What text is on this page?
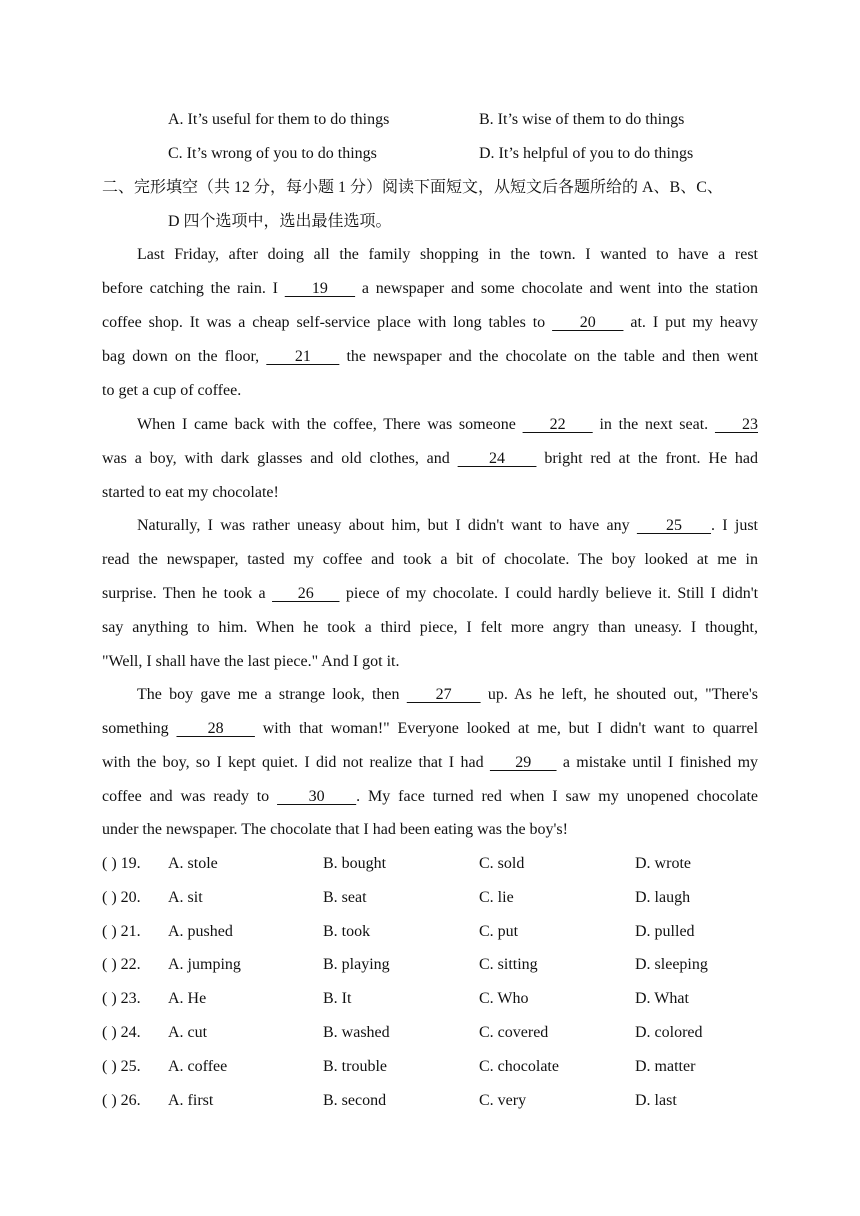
A. It’s useful for them to do things	B. It’s wise of them to do things
C. It’s wrong of you to do things	D. It’s helpful of you to do things
二、完形填空（共 12 分，每小题 1 分）阅读下面短文，从短文后各题所给的 A、B、C、
D 四个选项中，选出最佳选项。
Last Friday, after doing all the family shopping in the town. I wanted to have a rest
before catching the rain. I     19     a newspaper and some chocolate and went into the station
coffee shop. It was a cheap self-service place with long tables to     20     at. I put my heavy
bag down on the floor,     21     the newspaper and the chocolate on the table and then went
to get a cup of coffee.
When I came back with the coffee, There was someone     22     in the next seat.     23
was a boy, with dark glasses and old clothes, and     24     bright red at the front. He had
started to eat my chocolate!
Naturally, I was rather uneasy about him, but I didn't want to have any     25    . I just
read the newspaper, tasted my coffee and took a bit of chocolate. The boy looked at me in
surprise. Then he took a     26     piece of my chocolate. I could hardly believe it. Still I didn't
say anything to him. When he took a third piece, I felt more angry than uneasy. I thought,
"Well, I shall have the last piece." And I got it.
The boy gave me a strange look, then     27     up. As he left, he shouted out, "There's
something     28     with that woman!" Everyone looked at me, but I didn't want to quarrel
with the boy, so I kept quiet. I did not realize that I had     29     a mistake until I finished my
coffee and was ready to     30    . My face turned red when I saw my unopened chocolate
under the newspaper. The chocolate that I had been eating was the boy's!
( ) 19. A. stole	B. bought	C. sold	D. wrote
( ) 20. A. sit	B. seat	C. lie	D. laugh
( ) 21. A. pushed	B. took	C. put	D. pulled
( ) 22. A. jumping	B. playing	C. sitting	D. sleeping
( ) 23. A. He	B. It	C. Who	D. What
( ) 24. A. cut	B. washed	C. covered	D. colored
( ) 25. A. coffee	B. trouble	C. chocolate	D. matter
( ) 26. A. first	B. second	C. very	D. last
